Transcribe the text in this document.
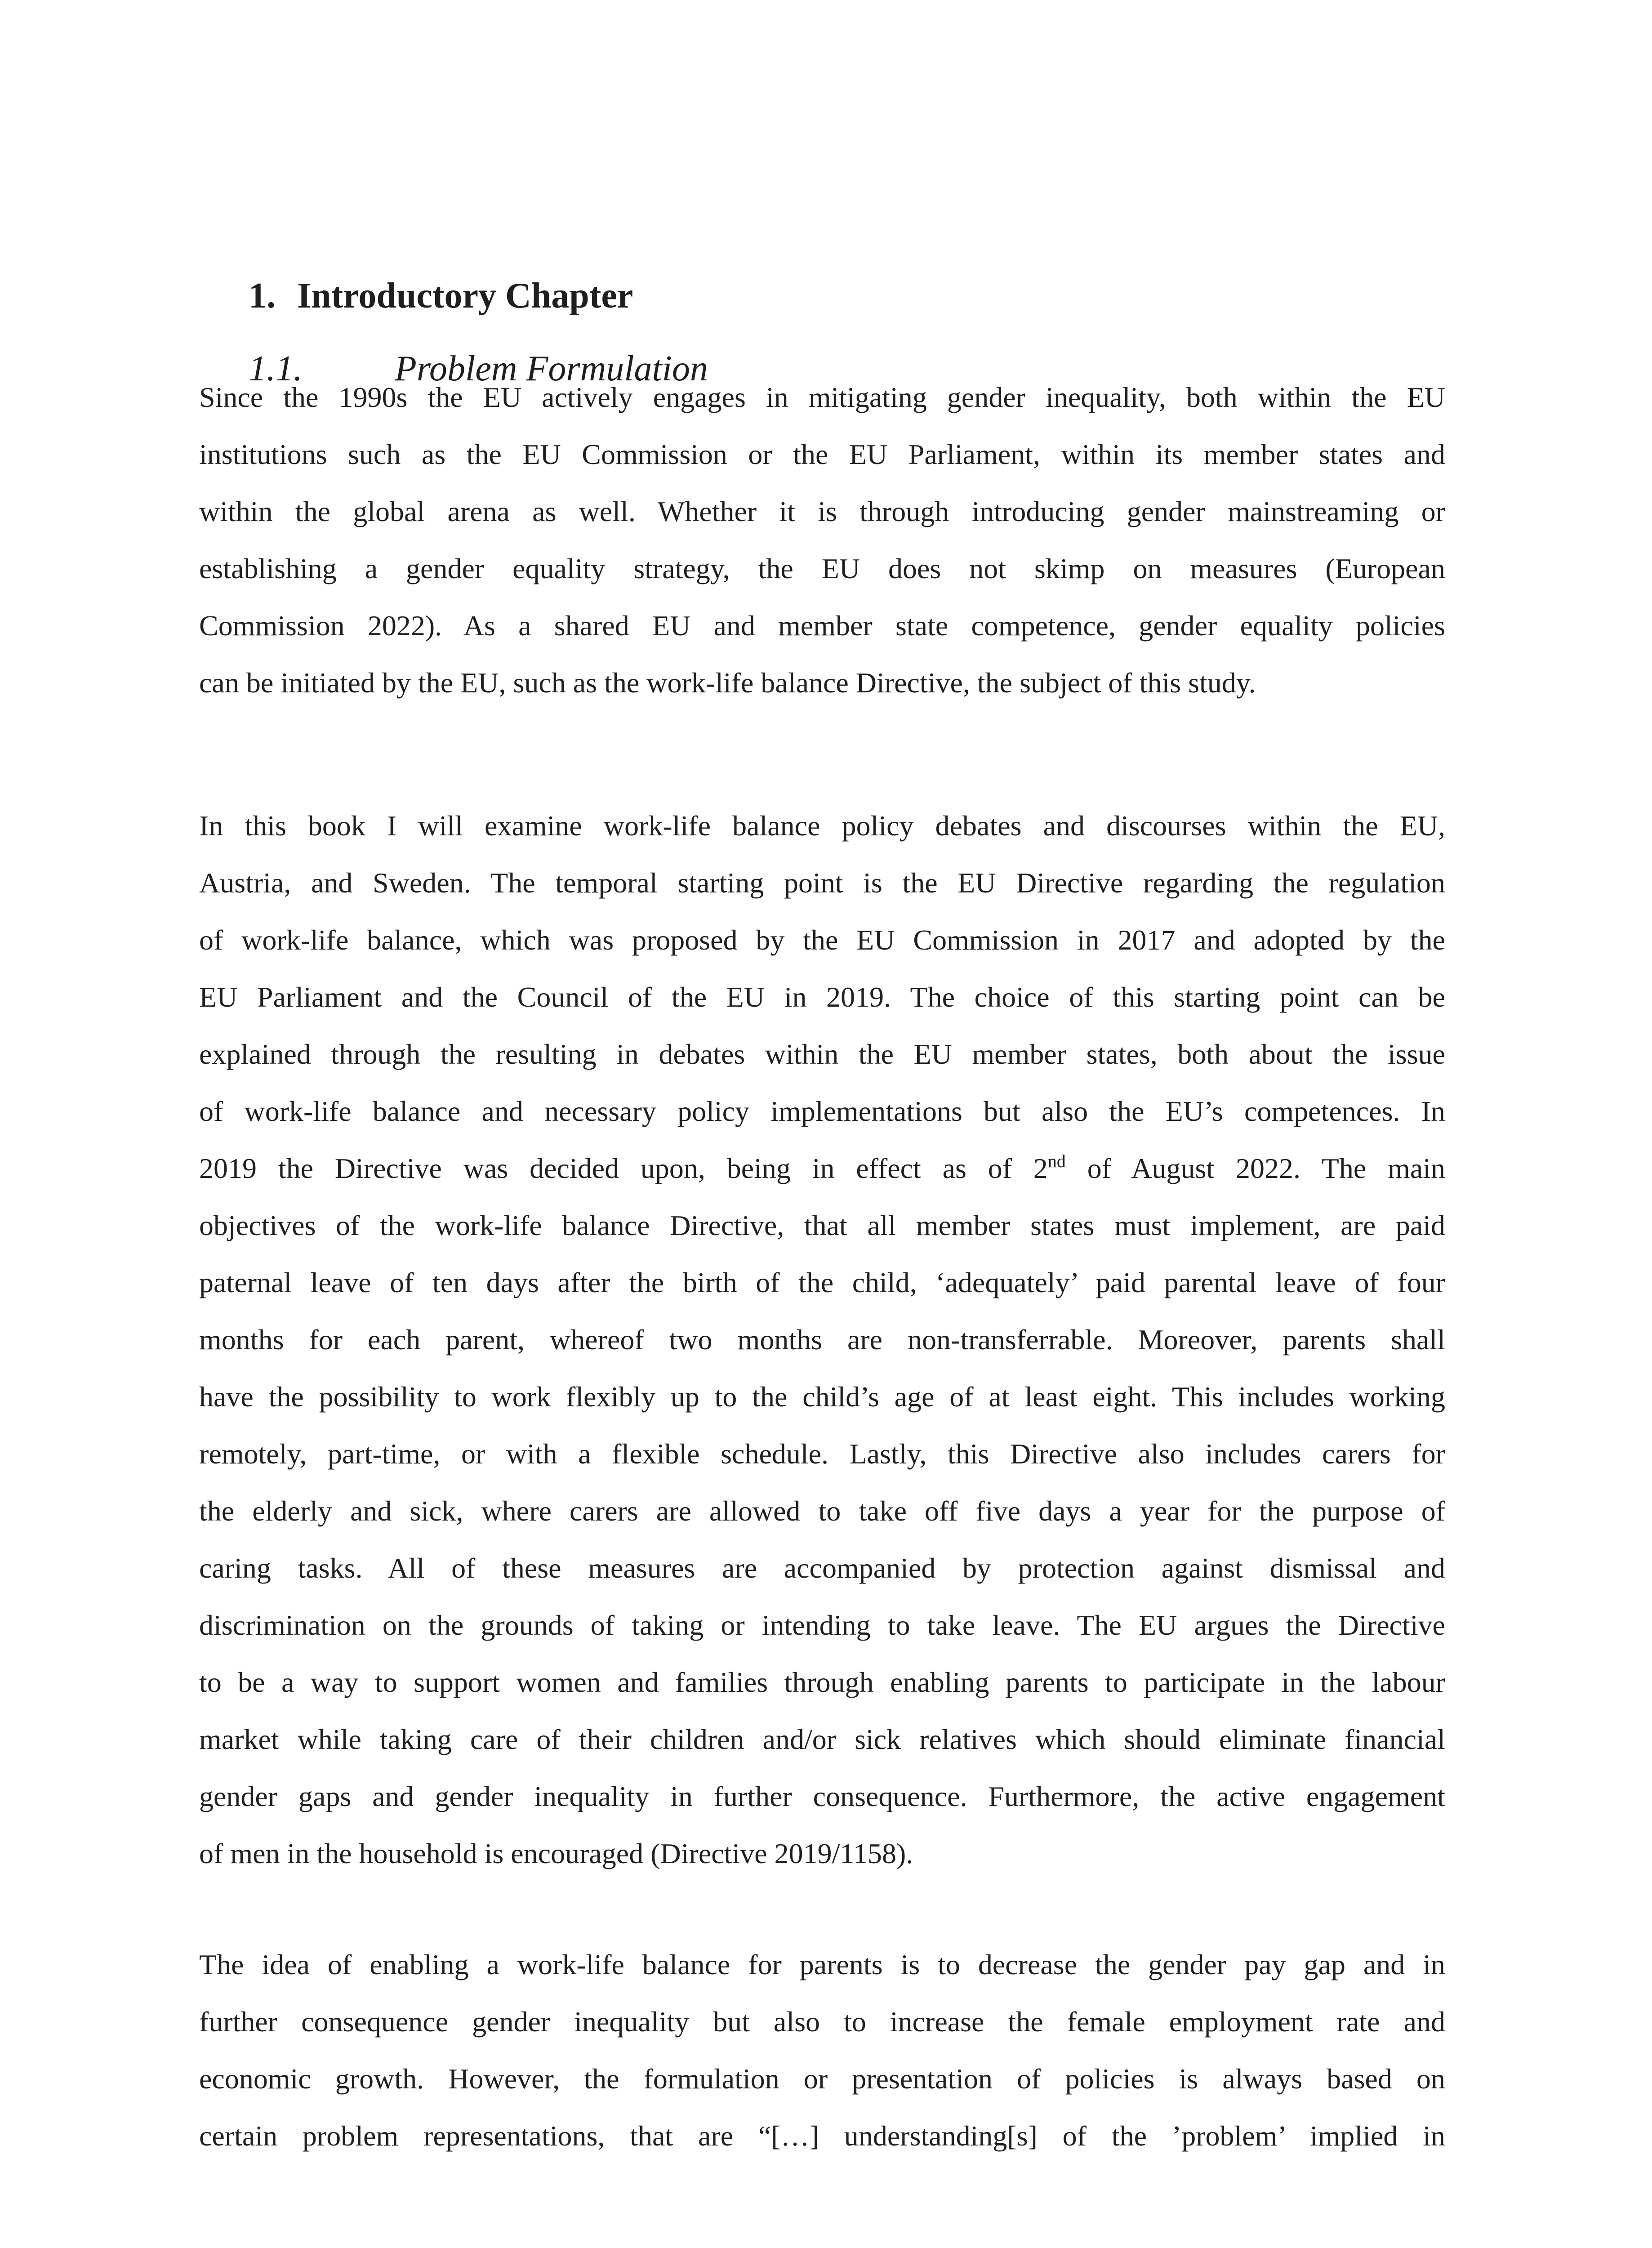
1. Introductory Chapter
1.1.	Problem Formulation
Since the 1990s the EU actively engages in mitigating gender inequality, both within the EU
institutions such as the EU Commission or the EU Parliament, within its member states and
within the global arena as well. Whether it is through introducing gender mainstreaming or
establishing a gender equality strategy, the EU does not skimp on measures (European
Commission 2022). As a shared EU and member state competence, gender equality policies
can be initiated by the EU, such as the work-life balance Directive, the subject of this study.
In this book I will examine work-life balance policy debates and discourses within the EU,
Austria, and Sweden. The temporal starting point is the EU Directive regarding the regulation
of work-life balance, which was proposed by the EU Commission in 2017 and adopted by the
EU Parliament and the Council of the EU in 2019. The choice of this starting point can be
explained through the resulting in debates within the EU member states, both about the issue
of work-life balance and necessary policy implementations but also the EU’s competences. In
2019 the Directive was decided upon, being in effect as of 2nd of August 2022. The main
objectives of the work-life balance Directive, that all member states must implement, are paid
paternal leave of ten days after the birth of the child, ‘adequately’ paid parental leave of four
months for each parent, whereof two months are non-transferrable. Moreover, parents shall
have the possibility to work flexibly up to the child’s age of at least eight. This includes working
remotely, part-time, or with a flexible schedule. Lastly, this Directive also includes carers for
the elderly and sick, where carers are allowed to take off five days a year for the purpose of
caring tasks. All of these measures are accompanied by protection against dismissal and
discrimination on the grounds of taking or intending to take leave. The EU argues the Directive
to be a way to support women and families through enabling parents to participate in the labour
market while taking care of their children and/or sick relatives which should eliminate financial
gender gaps and gender inequality in further consequence. Furthermore, the active engagement
of men in the household is encouraged (Directive 2019/1158).
The idea of enabling a work-life balance for parents is to decrease the gender pay gap and in
further consequence gender inequality but also to increase the female employment rate and
economic growth. However, the formulation or presentation of policies is always based on
certain problem representations, that are “[…] understanding[s] of the ’problem’ implied in
